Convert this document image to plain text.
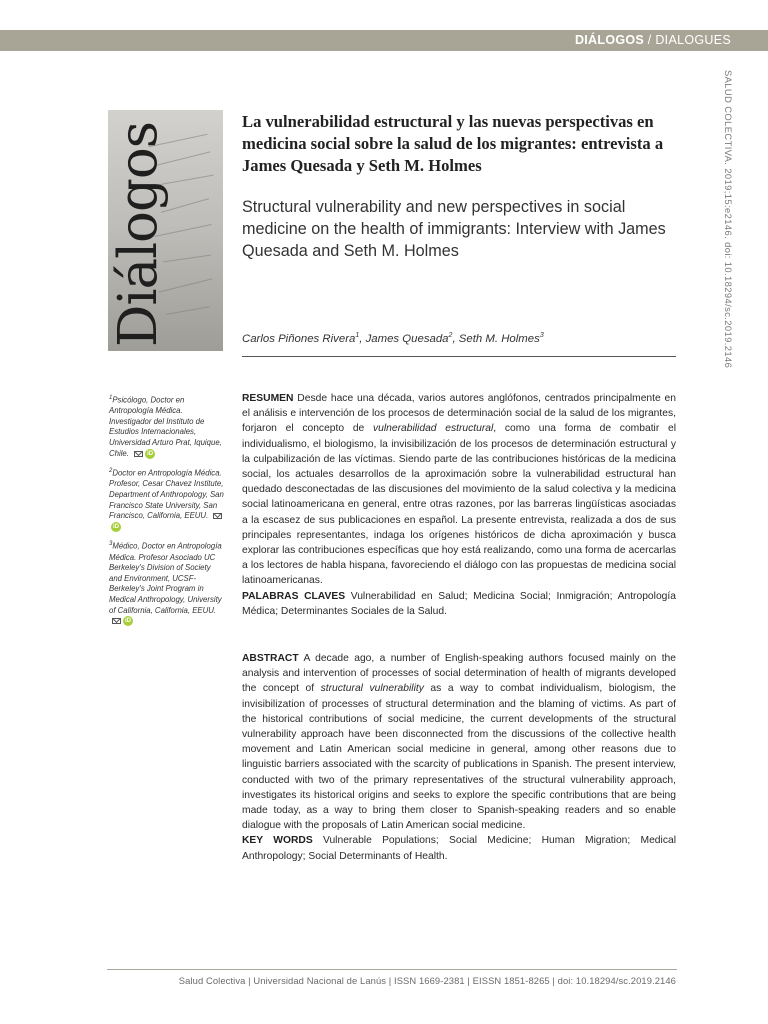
DIÁLOGOS / DIALOGUES
Diálogos	SALUD COLECTIVA. 2019;15:e2146. doi: 10.18294/sc.2019.2146
La vulnerabilidad estructural y las nuevas perspectivas en medicina social sobre la salud de los migrantes: entrevista a James Quesada y Seth M. Holmes
Structural vulnerability and new perspectives in social medicine on the health of immigrants: Interview with James Quesada and Seth M. Holmes
Carlos Piñones Rivera$^1$, James Quesada$^2$, Seth M. Holmes$^3$
$^1$Psicólogo, Doctor en Antropología Médica. Investigador del Instituto de Estudios Internacionales, Universidad Arturo Prat, Iquique, Chile.	iD
$^2$Doctor en Antropología Médica. Profesor, Cesar Chavez Institute, Department of Anthropology, San Francisco State University, San Francisco, California, EEUU. iD
$^3$Médico, Doctor en Antropología Médica. Profesor Asociado UC Berkeley's Division of Society and Environment, UCSF-Berkeley's Joint Program in Medical Anthropology, University of California, California, EEUU. iD

RESUMEN Desde hace una década, varios autores anglófonos, centrados principalmente en el análisis e intervención de los procesos de determinación social de la salud de los migrantes, forjaron el concepto de vulnerabilidad estructural, como una forma de combatir el individualismo, el biologismo, la invisibilización de los procesos de determinación estructural y la culpabilización de las víctimas. Siendo parte de las contribuciones históricas de la medicina social, los actuales desarrollos de la aproximación sobre la vulnerabilidad estructural han quedado desconectadas de las discusiones del movimiento de la salud colectiva y la medicina social latinoamericana en general, entre otras razones, por las barreras lingüísticas asociadas a la escasez de sus publicaciones en español. La presente entrevista, realizada a dos de sus principales representantes, indaga los orígenes históricos de dicha aproximación y busca explorar las contribuciones específicas que hoy está realizando, como una forma de acercarlas a los lectores de habla hispana, favoreciendo el diálogo con las propuestas de medicina social latinoamericanas.

PALABRAS CLAVES Vulnerabilidad en Salud; Medicina Social; Inmigración; Antropología Médica; Determinantes Sociales de la Salud.

ABSTRACT A decade ago, a number of English-speaking authors focused mainly on the analysis and intervention of processes of social determination of health of migrants developed the concept of structural vulnerability as a way to combat individualism, biologism, the invisibilization of processes of structural determination and the blaming of victims. As part of the historical contributions of social medicine, the current developments of the structural vulnerability approach have been disconnected from the discussions of the collective health movement and Latin American social medicine in general, among other reasons due to linguistic barriers associated with the scarcity of publications in Spanish. The present interview, conducted with two of the primary representatives of the structural vulnerability approach, investigates its historical origins and seeks to explore the specific contributions that are being made today, as a way to bring them closer to Spanish-speaking readers and so enable dialogue with the proposals of Latin American social medicine.

KEY WORDS Vulnerable Populations; Social Medicine; Human Migration; Medical Anthropology; Social Determinants of Health.

Salud Colectiva | Universidad Nacional de Lanús | ISSN 1669-2381 | EISSN 1851-8265 | doi: 10.18294/sc.2019.2146
